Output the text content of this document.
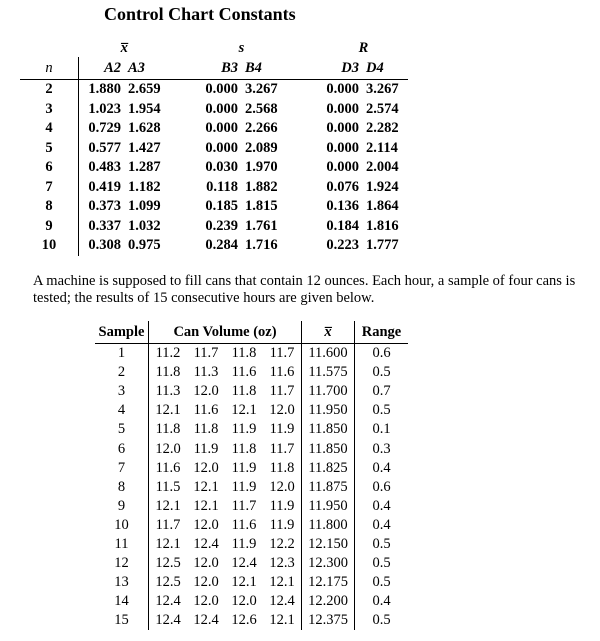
Control Chart Constants
	x̅			s			R	
n	A2	A3		B3	B4		D3	D4
2	1.880	2.659		0.000	3.267		0.000	3.267
3	1.023	1.954		0.000	2.568		0.000	2.574
4	0.729	1.628		0.000	2.266		0.000	2.282
5	0.577	1.427		0.000	2.089		0.000	2.114
6	0.483	1.287		0.030	1.970		0.000	2.004
7	0.419	1.182		0.118	1.882		0.076	1.924
8	0.373	1.099		0.185	1.815		0.136	1.864
9	0.337	1.032		0.239	1.761		0.184	1.816
10	0.308	0.975		0.284	1.716		0.223	1.777
A machine is supposed to fill cans that contain 12 ounces. Each hour, a sample of four cans is tested; the results of 15 consecutive hours are given below.
Sample	Can Volume (oz)				x̅	Range
1	11.2	11.7	11.8	11.7	11.600	0.6
2	11.8	11.3	11.6	11.6	11.575	0.5
3	11.3	12.0	11.8	11.7	11.700	0.7
4	12.1	11.6	12.1	12.0	11.950	0.5
5	11.8	11.8	11.9	11.9	11.850	0.1
6	12.0	11.9	11.8	11.7	11.850	0.3
7	11.6	12.0	11.9	11.8	11.825	0.4
8	11.5	12.1	11.9	12.0	11.875	0.6
9	12.1	12.1	11.7	11.9	11.950	0.4
10	11.7	12.0	11.6	11.9	11.800	0.4
11	12.1	12.4	11.9	12.2	12.150	0.5
12	12.5	12.0	12.4	12.3	12.300	0.5
13	12.5	12.0	12.1	12.1	12.175	0.5
14	12.4	12.0	12.0	12.4	12.200	0.4
15	12.4	12.4	12.6	12.1	12.375	0.5
